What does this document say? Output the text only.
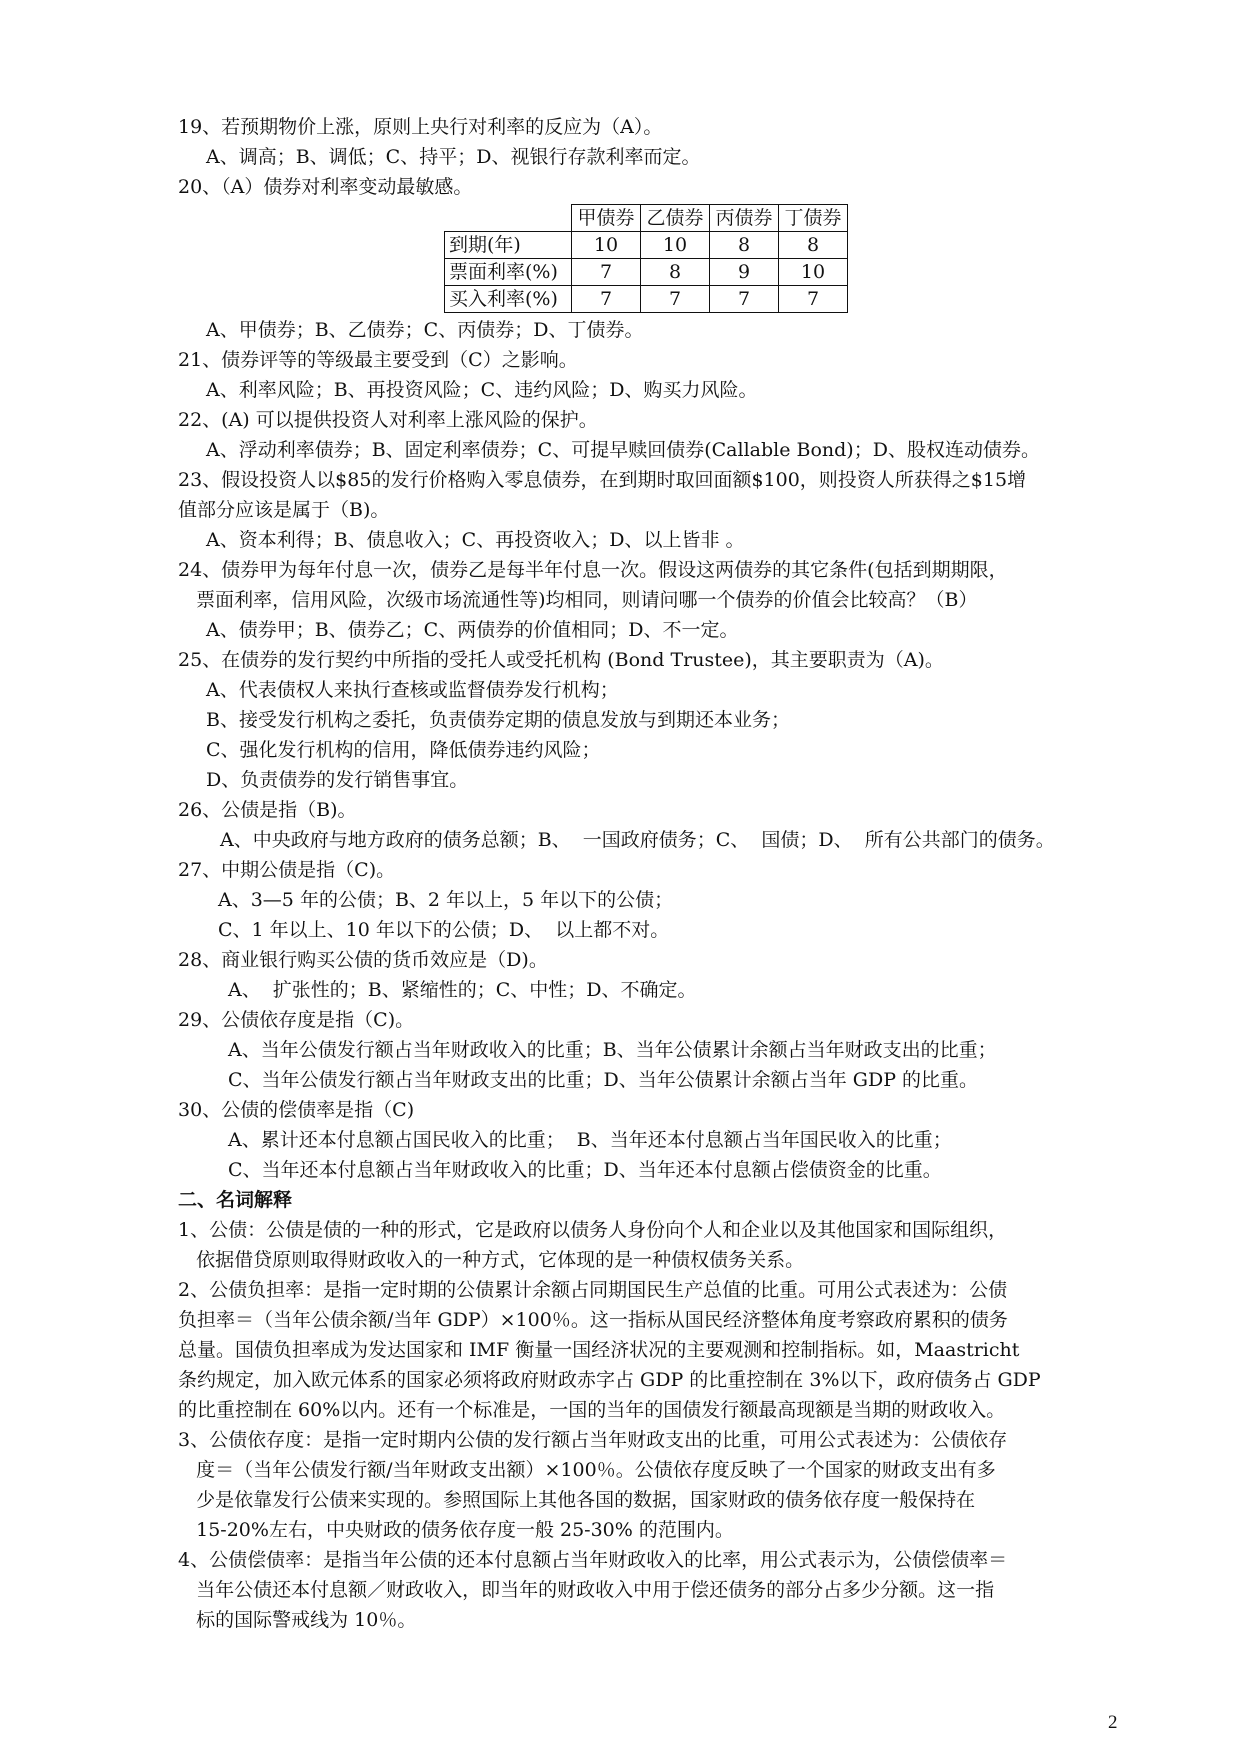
19、若预期物价上涨，原则上央行对利率的反应为（A）。
A、调高；B、调低；C、持平；D、视银行存款利率而定。
20、（A）债券对利率变动最敏感。
	甲债券	乙债券	丙债券	丁债券
到期(年)	10	10	8	8
票面利率(%)	7	8	9	10
买入利率(%)	7	7	7	7
A、甲债券；B、乙债券；C、丙债券；D、丁债券。
21、债券评等的等级最主要受到（C）之影响。
A、利率风险；B、再投资风险；C、违约风险；D、购买力风险。
22、(A) 可以提供投资人对利率上涨风险的保护。
A、浮动利率债券；B、固定利率债券；C、可提早赎回债券(Callable Bond)；D、股权连动债券。
23、假设投资人以$85的发行价格购入零息债券，在到期时取回面额$100，则投资人所获得之$15增
值部分应该是属于（B)。
A、资本利得；B、债息收入；C、再投资收入；D、以上皆非 。
24、债券甲为每年付息一次，债券乙是每半年付息一次。假设这两债券的其它条件(包括到期期限，
票面利率，信用风险，次级市场流通性等)均相同，则请问哪一个债券的价值会比较高？（B）
A、债券甲；B、债券乙；C、两债券的价值相同；D、不一定。
25、在债券的发行契约中所指的受托人或受托机构 (Bond Trustee)，其主要职责为（A)。
A、代表债权人来执行查核或监督债券发行机构；
B、接受发行机构之委托，负责债券定期的债息发放与到期还本业务；
C、强化发行机构的信用，降低债券违约风险；
D、负责债券的发行销售事宜。
26、公债是指（B)。
A、中央政府与地方政府的债务总额；B、  一国政府债务；C、  国债；D、  所有公共部门的债务。
27、中期公债是指（C)。
A、3—5 年的公债；B、2 年以上，5 年以下的公债；
C、1 年以上、10 年以下的公债；D、  以上都不对。
28、商业银行购买公债的货币效应是（D)。
A、  扩张性的；B、紧缩性的；C、中性；D、不确定。
29、公债依存度是指（C)。
A、当年公债发行额占当年财政收入的比重；B、当年公债累计余额占当年财政支出的比重；
C、当年公债发行额占当年财政支出的比重；D、当年公债累计余额占当年 GDP 的比重。
30、公债的偿债率是指（C)
A、累计还本付息额占国民收入的比重；  B、当年还本付息额占当年国民收入的比重；
C、当年还本付息额占当年财政收入的比重；D、当年还本付息额占偿债资金的比重。
二、名词解释
1、公债：公债是债的一种的形式，它是政府以债务人身份向个人和企业以及其他国家和国际组织，
依据借贷原则取得财政收入的一种方式，它体现的是一种债权债务关系。
2、公债负担率：是指一定时期的公债累计余额占同期国民生产总值的比重。可用公式表述为：公债
负担率＝（当年公债余额/当年 GDP）×100％。这一指标从国民经济整体角度考察政府累积的债务
总量。国债负担率成为发达国家和 IMF 衡量一国经济状况的主要观测和控制指标。如，Maastricht
条约规定，加入欧元体系的国家必须将政府财政赤字占 GDP 的比重控制在 3%以下，政府债务占 GDP
的比重控制在 60%以内。还有一个标准是，一国的当年的国债发行额最高现额是当期的财政收入。
3、公债依存度：是指一定时期内公债的发行额占当年财政支出的比重，可用公式表述为：公债依存
度＝（当年公债发行额/当年财政支出额）×100％。公债依存度反映了一个国家的财政支出有多
少是依靠发行公债来实现的。参照国际上其他各国的数据，国家财政的债务依存度一般保持在
15-20%左右，中央财政的债务依存度一般 25-30% 的范围内。
4、公债偿债率：是指当年公债的还本付息额占当年财政收入的比率，用公式表示为，公债偿债率＝
当年公债还本付息额／财政收入，即当年的财政收入中用于偿还债务的部分占多少分额。这一指
标的国际警戒线为 10％。
2
